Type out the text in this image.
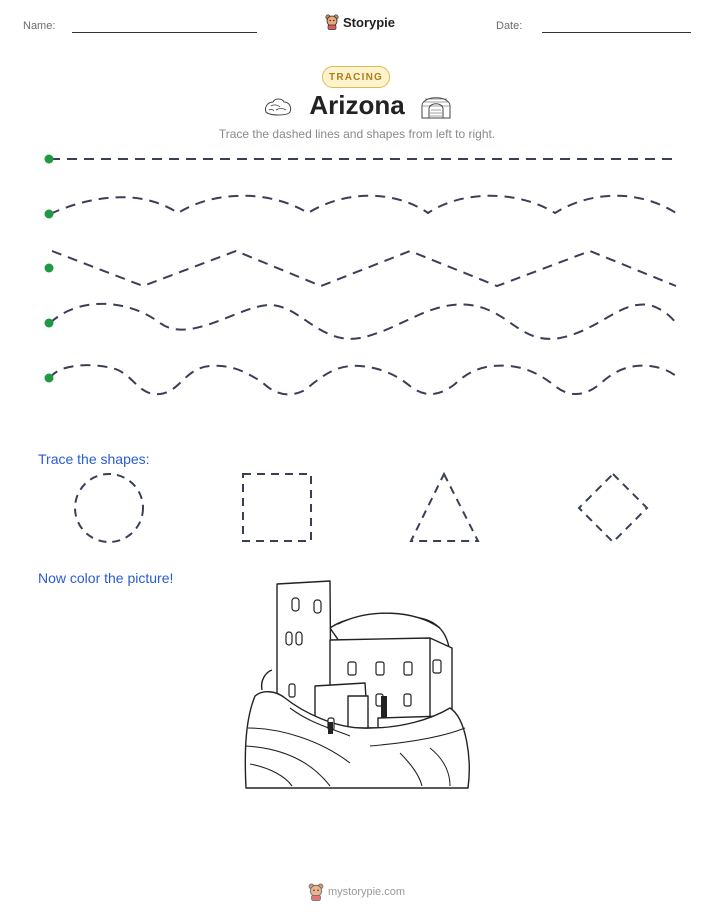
Name:	Storypie	Date:
TRACING
Arizona
Trace the dashed lines and shapes from left to right.
Trace the shapes:
Now color the picture!
mystorypie.com
